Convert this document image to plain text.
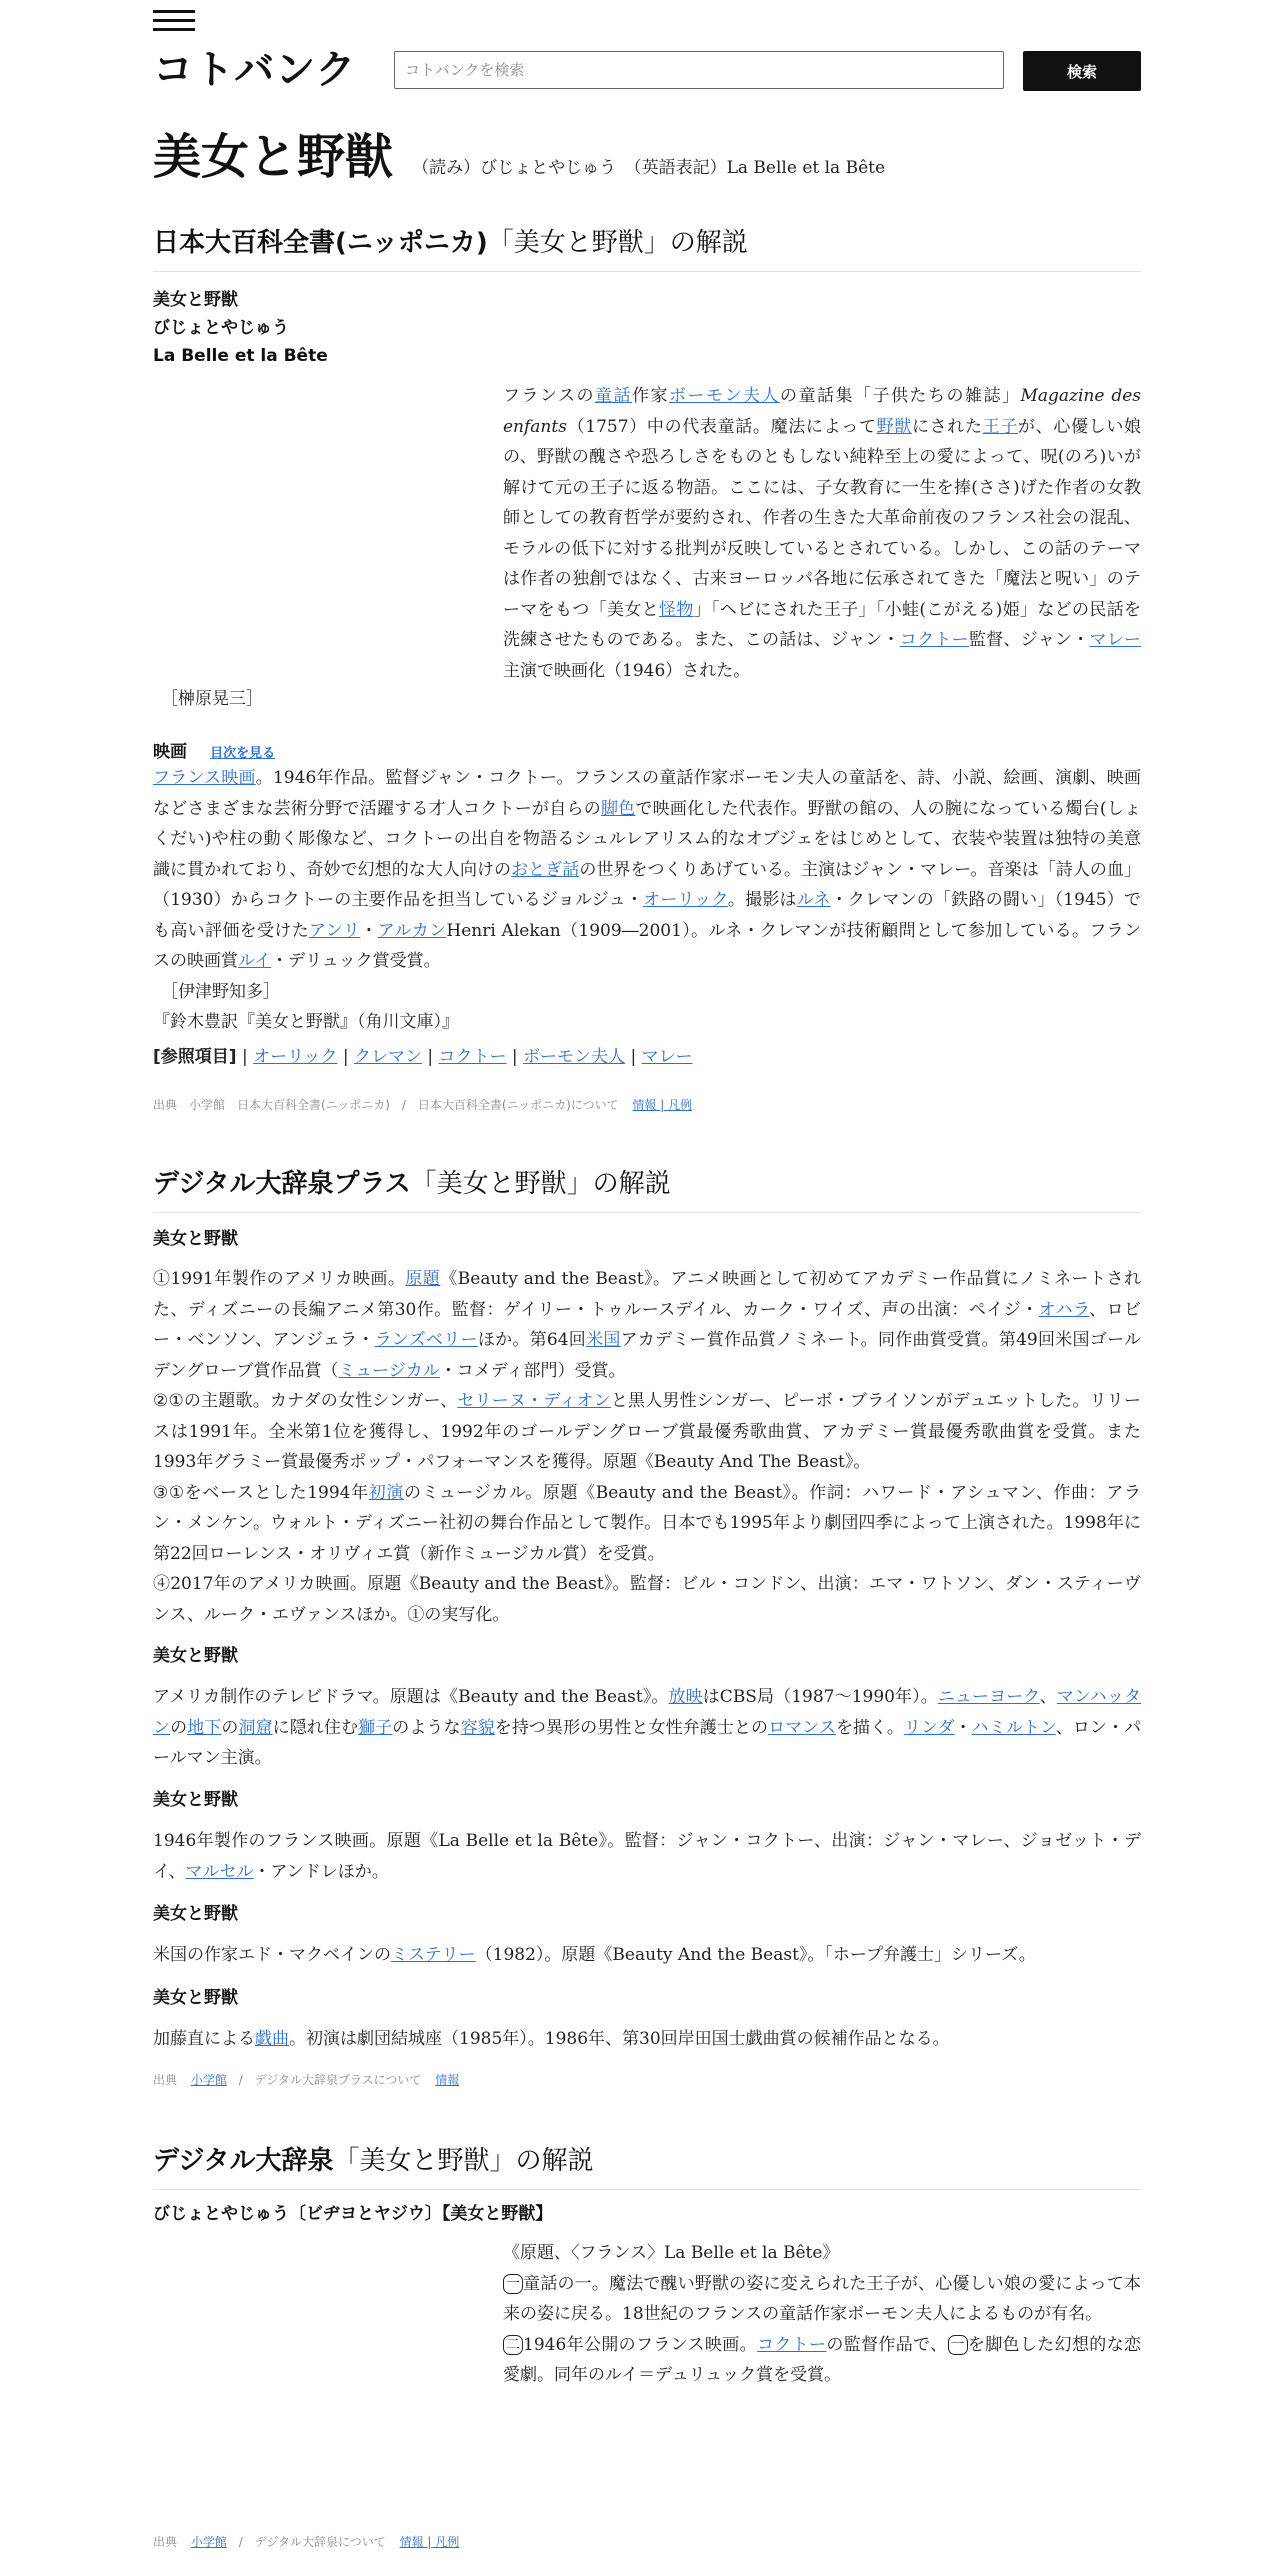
コトバンク
コトバンクを検索	検索
美女と野獣 （読み）びじょとやじゅう　（英語表記）La Belle et la Bête
日本大百科全書(ニッポニカ)「美女と野獣」の解説
美女と野獣
びじょとやじゅう
La Belle et la Bête
フランスの童話作家ボーモン夫人の童話集「子供たちの雑誌」Magazine des enfants（1757）中の代表童話。魔法によって野獣にされた王子が、心優しい娘の、野獣の醜さや恐ろしさをものともしない純粋至上の愛によって、呪(のろ)いが解けて元の王子に返る物語。ここには、子女教育に一生を捧(ささ)げた作者の女教師としての教育哲学が要約され、作者の生きた大革命前夜のフランス社会の混乱、モラルの低下に対する批判が反映しているとされている。しかし、この話のテーマは作者の独創ではなく、古来ヨーロッパ各地に伝承されてきた「魔法と呪い」のテーマをもつ「美女と怪物」「ヘビにされた王子」「小蛙(こがえる)姫」などの民話を洗練させたものである。また、この話は、ジャン・コクトー監督、ジャン・マレー主演で映画化（1946）された。
［榊原晃三］
映画 目次を見る
フランス映画。1946年作品。監督ジャン・コクトー。フランスの童話作家ボーモン夫人の童話を、詩、小説、絵画、演劇、映画などさまざまな芸術分野で活躍する才人コクトーが自らの脚色で映画化した代表作。野獣の館の、人の腕になっている燭台(しょくだい)や柱の動く彫像など、コクトーの出自を物語るシュルレアリスム的なオブジェをはじめとして、衣装や装置は独特の美意識に貫かれており、奇妙で幻想的な大人向けのおとぎ話の世界をつくりあげている。主演はジャン・マレー。音楽は「詩人の血」（1930）からコクトーの主要作品を担当しているジョルジュ・オーリック。撮影はルネ・クレマンの「鉄路の闘い」（1945）でも高い評価を受けたアンリ・アルカンHenri Alekan（1909―2001）。ルネ・クレマンが技術顧問として参加している。フランスの映画賞ルイ・デリュック賞受賞。
［伊津野知多］
『鈴木豊訳『美女と野獣』（角川文庫）』
[参照項目] | オーリック | クレマン | コクトー | ボーモン夫人 | マレー
出典　小学館　日本大百科全書(ニッポニカ)　/　日本大百科全書(ニッポニカ)について 情報 | 凡例
デジタル大辞泉プラス「美女と野獣」の解説
美女と野獣
①1991年製作のアメリカ映画。原題《Beauty and the Beast》。アニメ映画として初めてアカデミー作品賞にノミネートされた、ディズニーの長編アニメ第30作。監督：ゲイリー・トゥルースデイル、カーク・ワイズ、声の出演：ペイジ・オハラ、ロビー・ベンソン、アンジェラ・ランズベリーほか。第64回米国アカデミー賞作品賞ノミネート。同作曲賞受賞。第49回米国ゴールデングローブ賞作品賞（ミュージカル・コメディ部門）受賞。
②①の主題歌。カナダの女性シンガー、セリーヌ・ディオンと黒人男性シンガー、ピーボ・ブライソンがデュエットした。リリースは1991年。全米第1位を獲得し、1992年のゴールデングローブ賞最優秀歌曲賞、アカデミー賞最優秀歌曲賞を受賞。また1993年グラミー賞最優秀ポップ・パフォーマンスを獲得。原題《Beauty And The Beast》。
③①をベースとした1994年初演のミュージカル。原題《Beauty and the Beast》。作詞：ハワード・アシュマン、作曲：アラン・メンケン。ウォルト・ディズニー社初の舞台作品として製作。日本でも1995年より劇団四季によって上演された。1998年に第22回ローレンス・オリヴィエ賞（新作ミュージカル賞）を受賞。
④2017年のアメリカ映画。原題《Beauty and the Beast》。監督：ビル・コンドン、出演：エマ・ワトソン、ダン・スティーヴンス、ルーク・エヴァンスほか。①の実写化。
美女と野獣
アメリカ制作のテレビドラマ。原題は《Beauty and the Beast》。放映はCBS局（1987～1990年）。ニューヨーク、マンハッタンの地下の洞窟に隠れ住む獅子のような容貌を持つ異形の男性と女性弁護士とのロマンスを描く。リンダ・ハミルトン、ロン・パールマン主演。
美女と野獣
1946年製作のフランス映画。原題《La Belle et la Bête》。監督：ジャン・コクトー、出演：ジャン・マレー、ジョゼット・デイ、マルセル・アンドレほか。
美女と野獣
米国の作家エド・マクベインのミステリー（1982）。原題《Beauty And the Beast》。「ホープ弁護士」シリーズ。
美女と野獣
加藤直による戯曲。初演は劇団結城座（1985年）。1986年、第30回岸田国士戯曲賞の候補作品となる。
出典 小学館 /　デジタル大辞泉プラスについて 情報
デジタル大辞泉「美女と野獣」の解説
びじょとやじゅう〔ビヂヨとヤジウ〕【美女と野獣】
《原題、〈フランス〉La Belle et la Bête》
一 童話の一。魔法で醜い野獣の姿に変えられた王子が、心優しい娘の愛によって本来の姿に戻る。18世紀のフランスの童話作家ボーモン夫人によるものが有名。
二 1946年公開のフランス映画。コクトーの監督作品で、 一 を脚色した幻想的な恋愛劇。同年のルイ＝デュリュック賞を受賞。
出典 小学館 /　デジタル大辞泉について 情報 | 凡例
